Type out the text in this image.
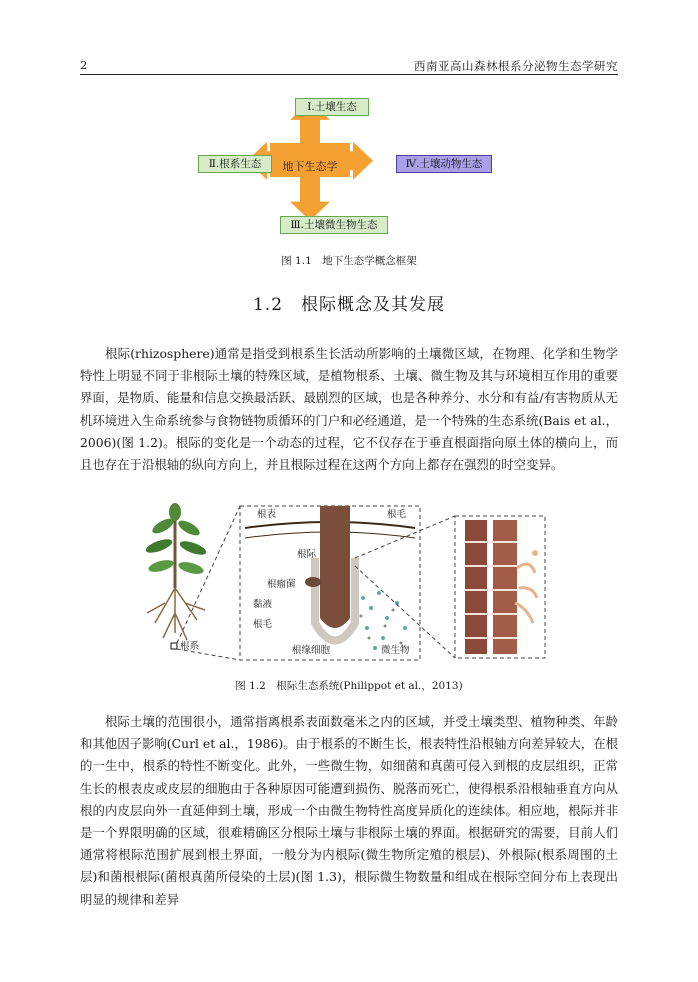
2	西南亚高山森林根系分泌物生态学研究
Ⅰ.土壤生态
Ⅱ.根系生态	Ⅳ.土壤动物生态
Ⅲ.土壤微生物生态
地下生态学
图 1.1　地下生态学概念框架
1.2　根际概念及其发展
根际(rhizosphere)通常是指受到根系生长活动所影响的土壤微区域，在物理、化学和生物学特性上明显不同于非根际土壤的特殊区域，是植物根系、土壤、微生物及其与环境相互作用的重要界面，是物质、能量和信息交换最活跃、最剧烈的区域，也是各种养分、水分和有益/有害物质从无机环境进入生命系统参与食物链物质循环的门户和必经通道，是一个特殊的生态系统(Bais et al.，2006)(图 1.2)。根际的变化是一个动态的过程，它不仅存在于垂直根面指向原土体的横向上，而且也存在于沿根轴的纵向方向上，并且根际过程在这两个方向上都存在强烈的时空变异。
根表	根毛
根际
根瘤菌
黏液
根毛
根系	根缘细胞	微生物
图 1.2　根际生态系统(Philippot et al.，2013)
根际土壤的范围很小，通常指离根系表面数毫米之内的区域，并受土壤类型、植物种类、年龄和其他因子影响(Curl et al.，1986)。由于根系的不断生长，根表特性沿根轴方向差异较大，在根的一生中，根系的特性不断变化。此外，一些微生物，如细菌和真菌可侵入到根的皮层组织，正常生长的根表皮或皮层的细胞由于各种原因可能遭到损伤、脱落而死亡，使得根系沿根轴垂直方向从根的内皮层向外一直延伸到土壤，形成一个由微生物特性高度异质化的连续体。相应地，根际并非是一个界限明确的区域，很难精确区分根际土壤与非根际土壤的界面。根据研究的需要，目前人们通常将根际范围扩展到根土界面，一般分为内根际(微生物所定殖的根层)、外根际(根系周围的土层)和菌根根际(菌根真菌所侵染的土层)(图 1.3)，根际微生物数量和组成在根际空间分布上表现出明显的规律和差异
